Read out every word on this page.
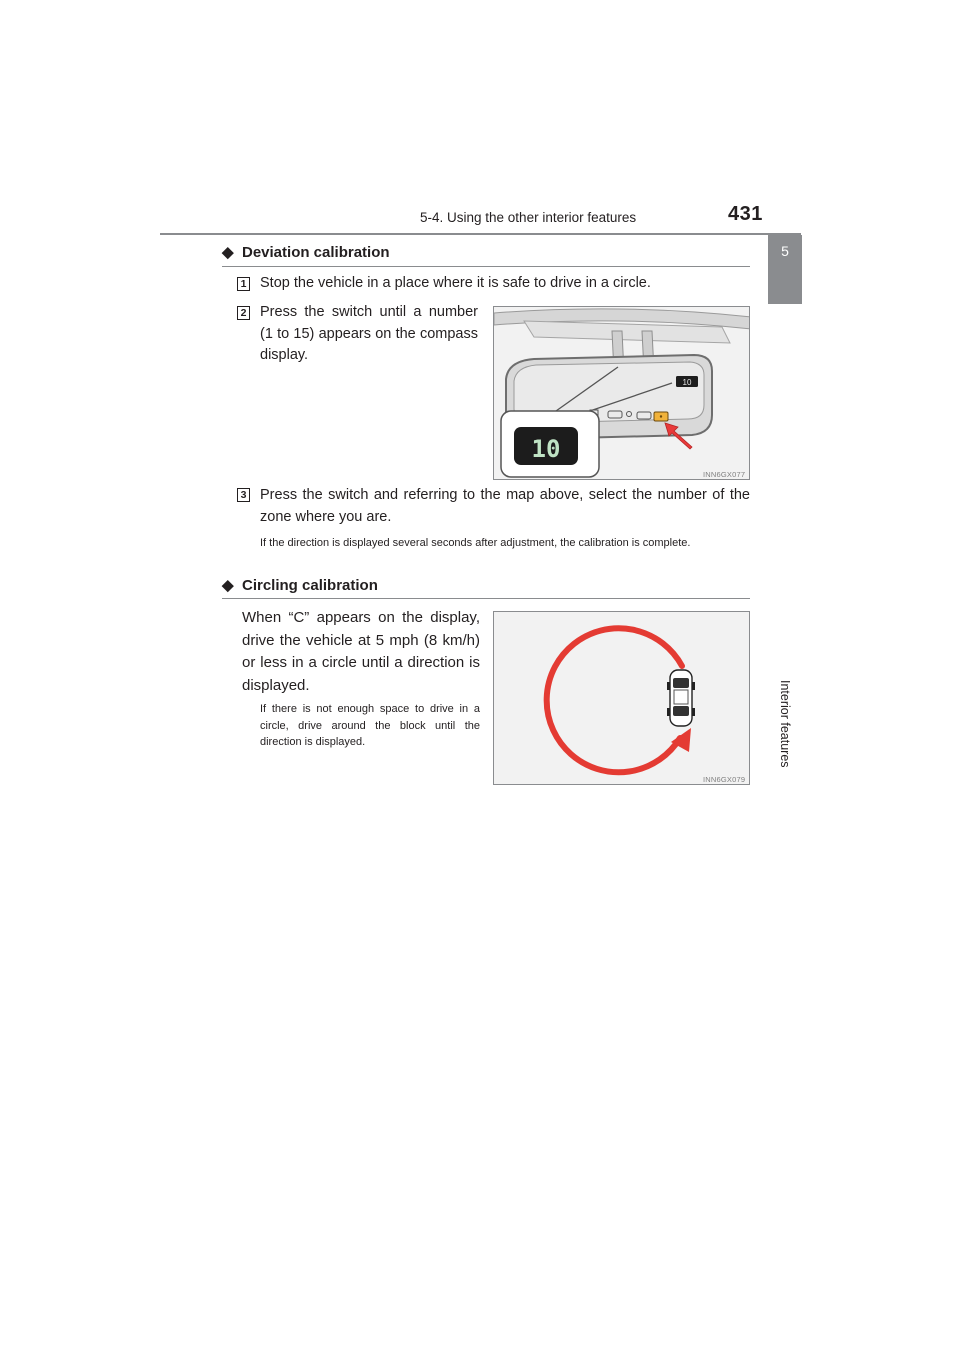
5-4. Using the other interior features	431
5
Interior features
◆ Deviation calibration
1 Stop the vehicle in a place where it is safe to drive in a circle.
2 Press the switch until a number (1 to 15) appears on the compass display.
10
10
INN6GX077
3 Press the switch and referring to the map above, select the number of the zone where you are.
If the direction is displayed several seconds after adjustment, the calibration is complete.
◆ Circling calibration
When “C” appears on the display, drive the vehicle at 5 mph (8 km/h) or less in a circle until a direction is displayed.
If there is not enough space to drive in a circle, drive around the block until the direction is displayed.
INN6GX079
